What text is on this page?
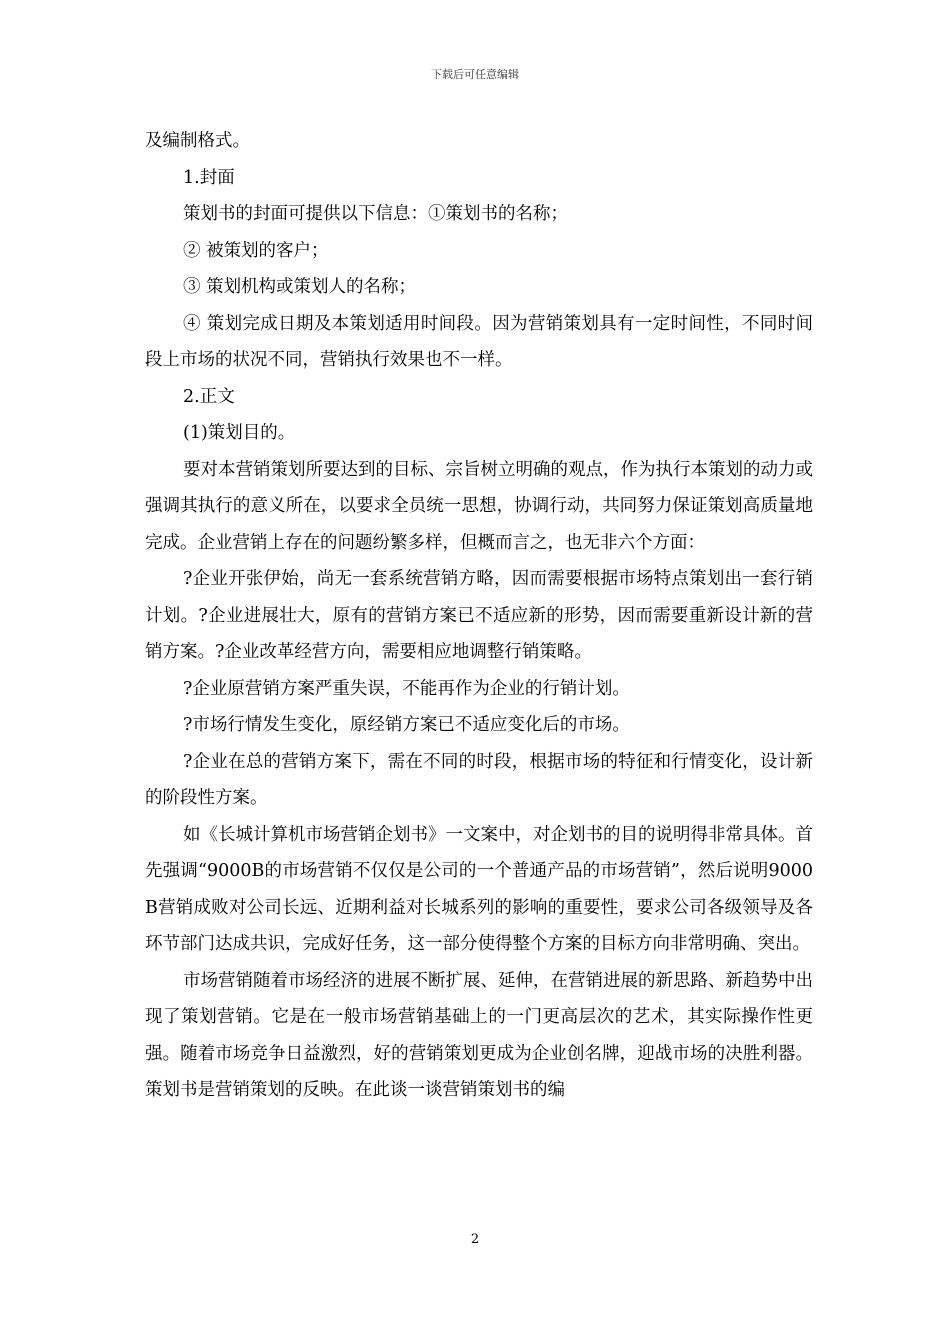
下载后可任意编辑

及编制格式。

1.封面

策划书的封面可提供以下信息：①策划书的名称；

② 被策划的客户；

③ 策划机构或策划人的名称；

④ 策划完成日期及本策划适用时间段。因为营销策划具有一定时间性，不同时间段上市场的状况不同，营销执行效果也不一样。

2.正文

(1)策划目的。

要对本营销策划所要达到的目标、宗旨树立明确的观点，作为执行本策划的动力或强调其执行的意义所在，以要求全员统一思想，协调行动，共同努力保证策划高质量地完成。企业营销上存在的问题纷繁多样，但概而言之，也无非六个方面：

?企业开张伊始，尚无一套系统营销方略，因而需要根据市场特点策划出一套行销计划。?企业进展壮大，原有的营销方案已不适应新的形势，因而需要重新设计新的营销方案。?企业改革经营方向，需要相应地调整行销策略。

?企业原营销方案严重失误，不能再作为企业的行销计划。

?市场行情发生变化，原经销方案已不适应变化后的市场。

?企业在总的营销方案下，需在不同的时段，根据市场的特征和行情变化，设计新的阶段性方案。

如《长城计算机市场营销企划书》一文案中，对企划书的目的说明得非常具体。首先强调“9000B的市场营销不仅仅是公司的一个普通产品的市场营销”，然后说明9000B营销成败对公司长远、近期利益对长城系列的影响的重要性，要求公司各级领导及各环节部门达成共识，完成好任务，这一部分使得整个方案的目标方向非常明确、突出。

市场营销随着市场经济的进展不断扩展、延伸，在营销进展的新思路、新趋势中出现了策划营销。它是在一般市场营销基础上的一门更高层次的艺术，其实际操作性更强。随着市场竞争日益激烈，好的营销策划更成为企业创名牌，迎战市场的决胜利器。策划书是营销策划的反映。在此谈一谈营销策划书的编

2
